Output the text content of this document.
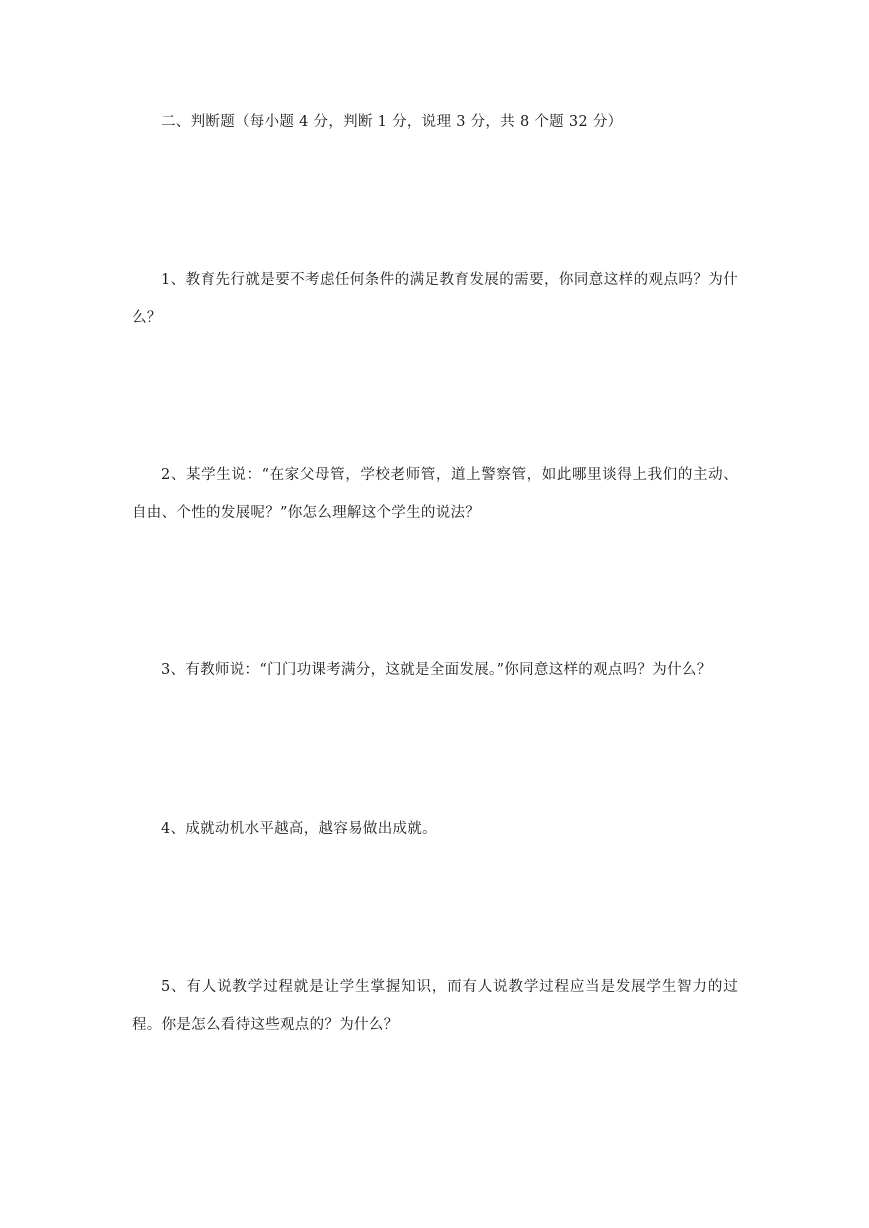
二、判断题（每小题 4 分，判断 1 分，说理 3 分，共 8 个题 32 分）

1、教育先行就是要不考虑任何条件的满足教育发展的需要，你同意这样的观点吗？为什么？

2、某学生说：“在家父母管，学校老师管，道上警察管，如此哪里谈得上我们的主动、自由、个性的发展呢？”你怎么理解这个学生的说法？

3、有教师说：“门门功课考满分，这就是全面发展。”你同意这样的观点吗？为什么？

4、成就动机水平越高，越容易做出成就。

5、有人说教学过程就是让学生掌握知识，而有人说教学过程应当是发展学生智力的过程。你是怎么看待这些观点的？为什么？
